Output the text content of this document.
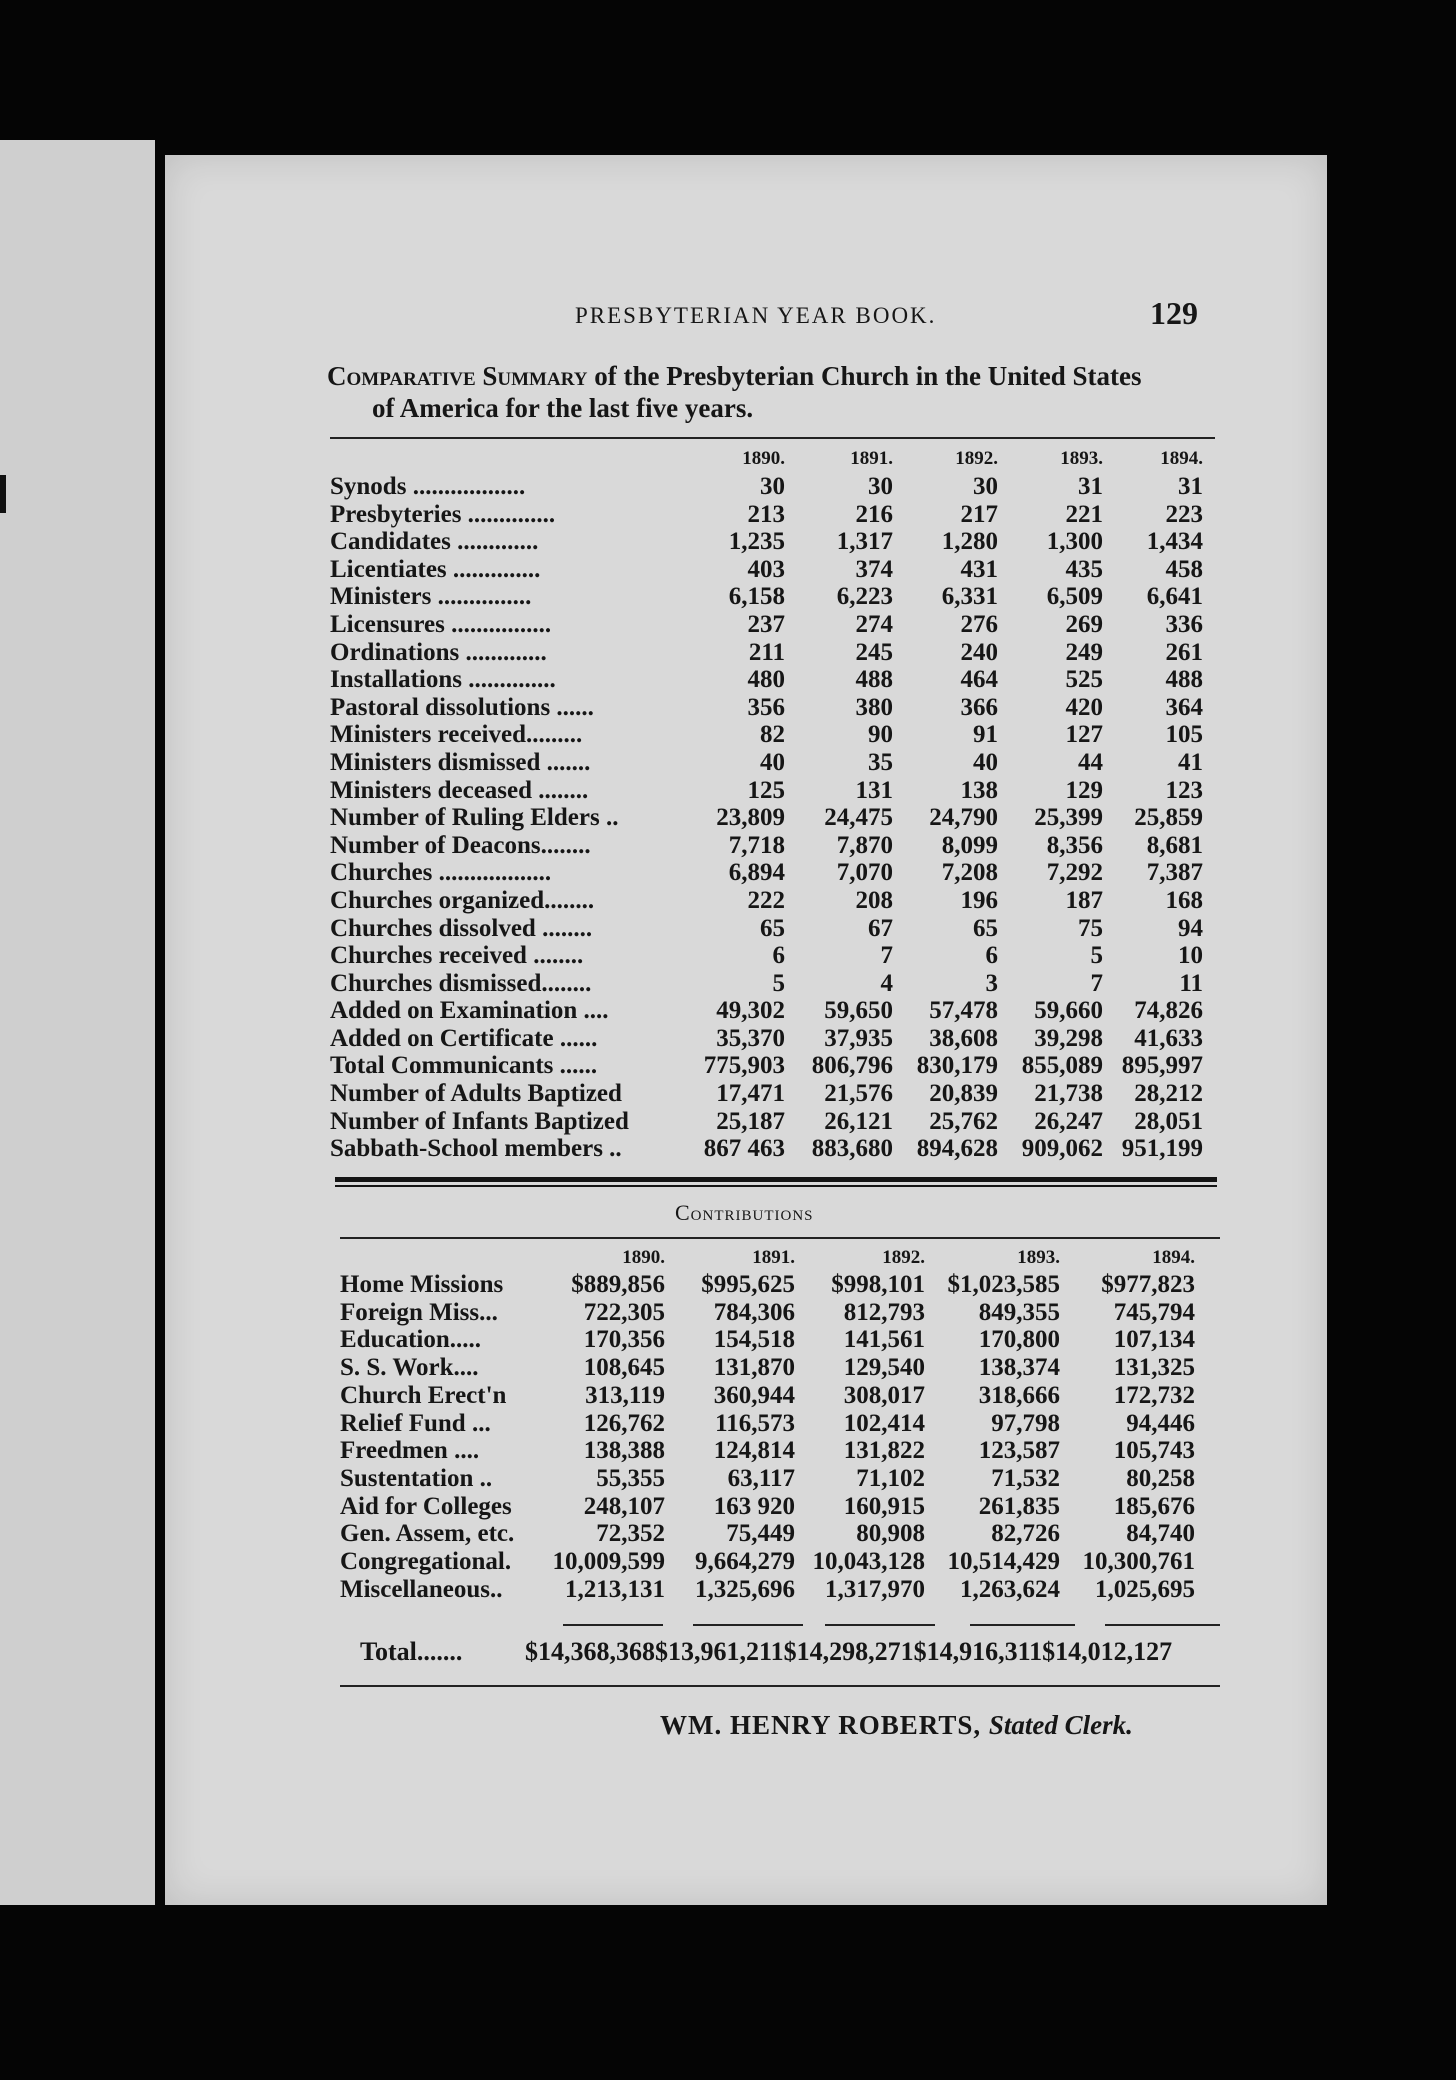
PRESBYTERIAN YEAR BOOK.	129
Comparative Summary of the Presbyterian Church in the United States
of America for the last five years.
	1890.	1891.	1892.	1893.	1894.
Synods ..................	30	30	30	31	31
Presbyteries ..............	213	216	217	221	223
Candidates .............	1,235	1,317	1,280	1,300	1,434
Licentiates ..............	403	374	431	435	458
Ministers ...............	6,158	6,223	6,331	6,509	6,641
Licensures ................	237	274	276	269	336
Ordinations .............	211	245	240	249	261
Installations ..............	480	488	464	525	488
Pastoral dissolutions ......	356	380	366	420	364
Ministers received.........	82	90	91	127	105
Ministers dismissed .......	40	35	40	44	41
Ministers deceased ........	125	131	138	129	123
Number of Ruling Elders ..	23,809	24,475	24,790	25,399	25,859
Number of Deacons........	7,718	7,870	8,099	8,356	8,681
Churches ..................	6,894	7,070	7,208	7,292	7,387
Churches organized........	222	208	196	187	168
Churches dissolved ........	65	67	65	75	94
Churches received ........	6	7	6	5	10
Churches dismissed........	5	4	3	7	11
Added on Examination ....	49,302	59,650	57,478	59,660	74,826
Added on Certificate ......	35,370	37,935	38,608	39,298	41,633
Total Communicants ......	775,903	806,796	830,179	855,089	895,997
Number of Adults Baptized	17,471	21,576	20,839	21,738	28,212
Number of Infants Baptized	25,187	26,121	25,762	26,247	28,051
Sabbath-School members ..	867 463	883,680	894,628	909,062	951,199
Contributions
	1890.	1891.	1892.	1893.	1894.
Home Missions	$889,856	$995,625	$998,101	$1,023,585	$977,823
Foreign Miss...	722,305	784,306	812,793	849,355	745,794
Education.....	170,356	154,518	141,561	170,800	107,134
S. S. Work....	108,645	131,870	129,540	138,374	131,325
Church Erect'n	313,119	360,944	308,017	318,666	172,732
Relief Fund ...	126,762	116,573	102,414	97,798	94,446
Freedmen ....	138,388	124,814	131,822	123,587	105,743
Sustentation ..	55,355	63,117	71,102	71,532	80,258
Aid for Colleges	248,107	163 920	160,915	261,835	185,676
Gen. Assem, etc.	72,352	75,449	80,908	82,726	84,740
Congregational.	10,009,599	9,664,279	10,043,128	10,514,429	10,300,761
Miscellaneous..	1,213,131	1,325,696	1,317,970	1,263,624	1,025,695
Total....... $14,368,368$13,961,211$14,298,271$14,916,311$14,012,127
WM. HENRY ROBERTS, Stated Clerk.
